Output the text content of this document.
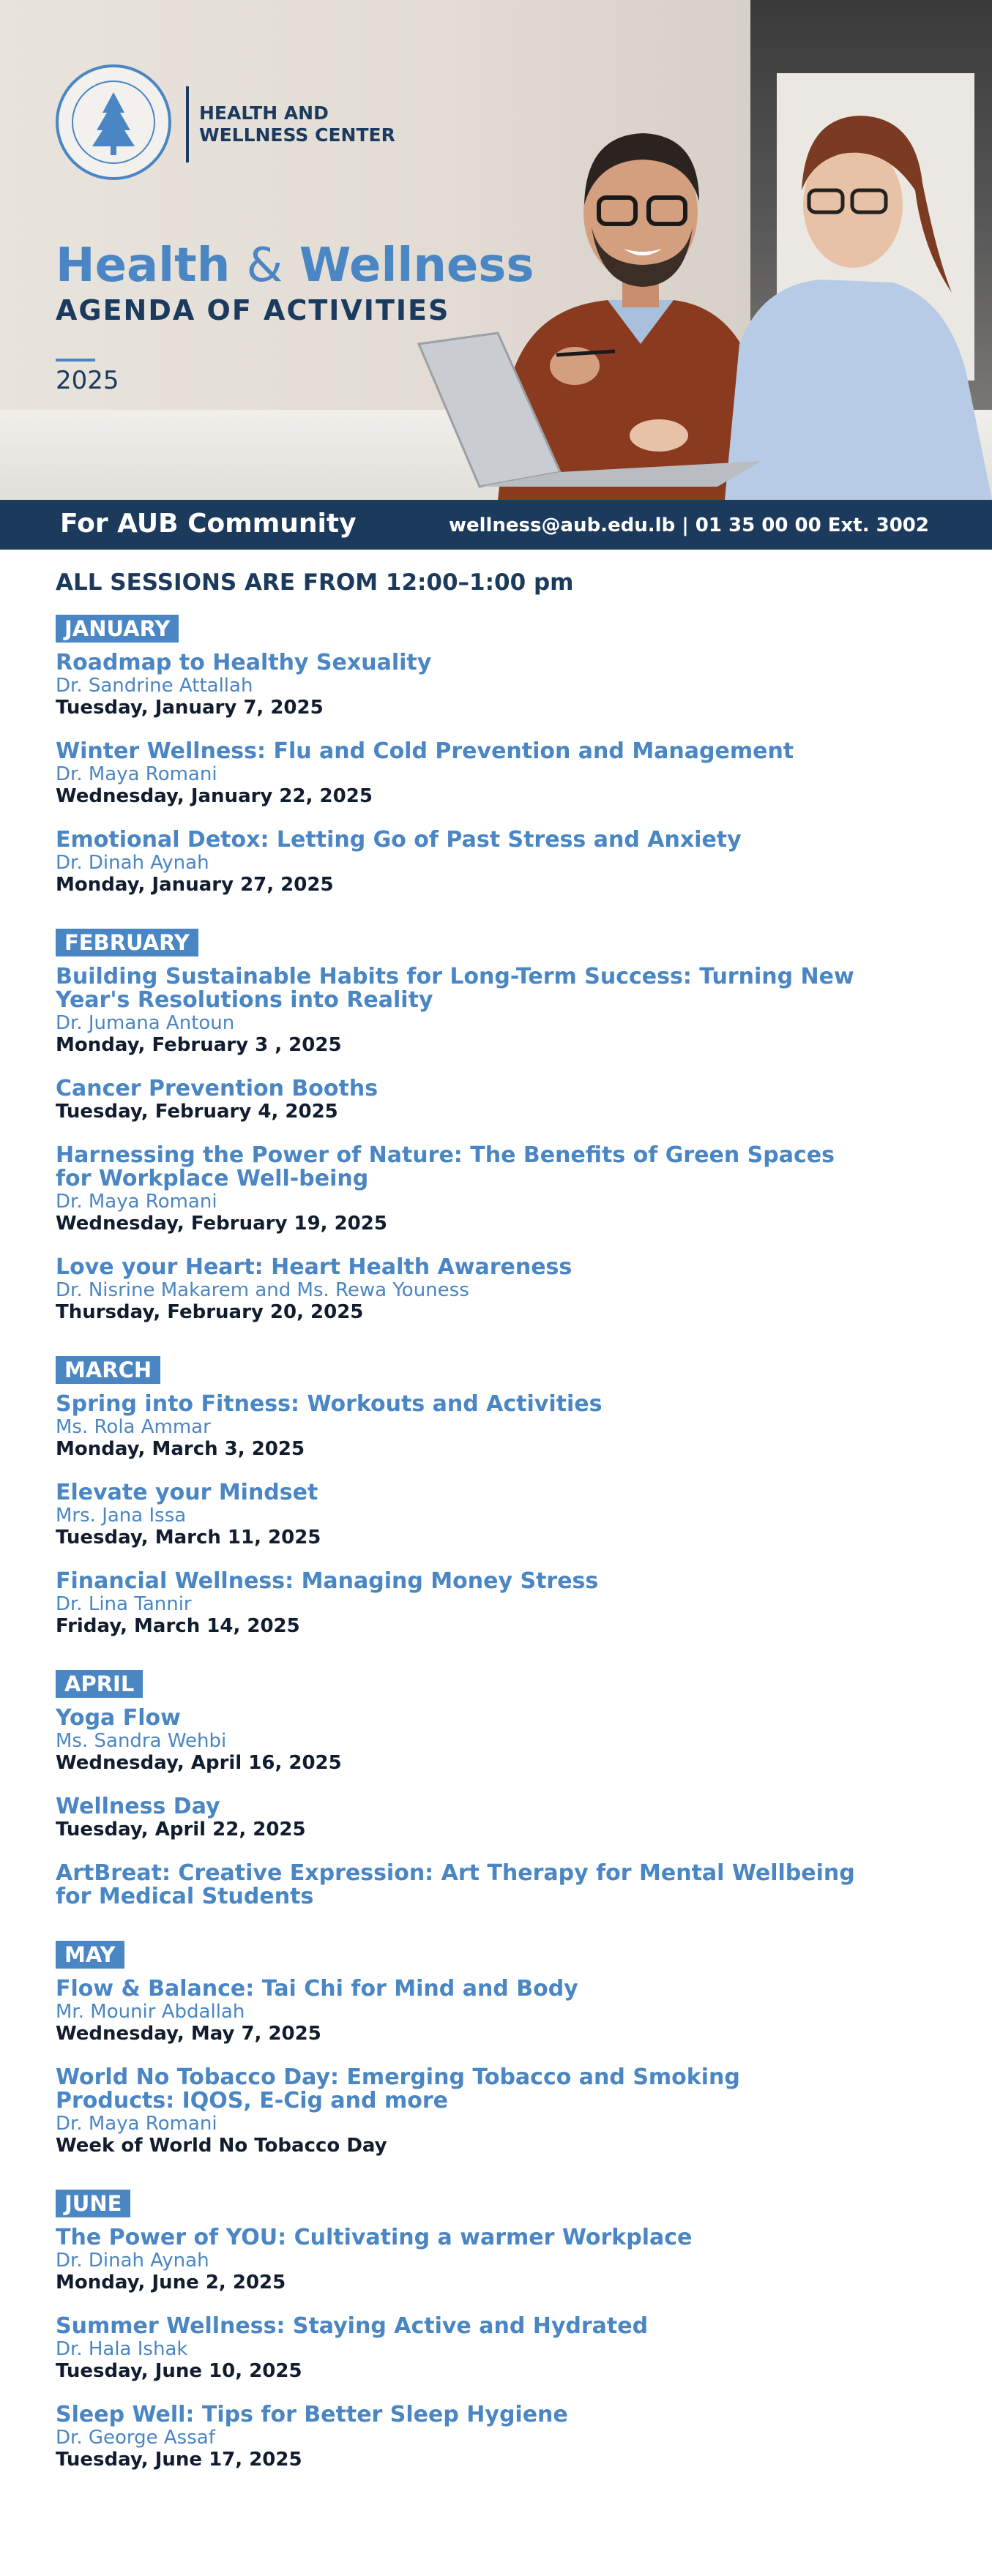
HEALTH AND
WELLNESS CENTER
Health & Wellness
AGENDA OF ACTIVITIES
2025
For AUB Community	wellness@aub.edu.lb | 01 35 00 00 Ext. 3002
ALL SESSIONS ARE FROM 12:00–1:00 pm
JANUARY
Roadmap to Healthy Sexuality
Dr. Sandrine Attallah
Tuesday, January 7, 2025
Winter Wellness: Flu and Cold Prevention and Management
Dr. Maya Romani
Wednesday, January 22, 2025
Emotional Detox: Letting Go of Past Stress and Anxiety
Dr. Dinah Aynah
Monday, January 27, 2025
FEBRUARY
Building Sustainable Habits for Long-Term Success: Turning New Year's Resolutions into Reality
Dr. Jumana Antoun
Monday, February 3 , 2025
Cancer Prevention Booths
Tuesday, February 4, 2025
Harnessing the Power of Nature: The Benefits of Green Spaces for Workplace Well-being
Dr. Maya Romani
Wednesday, February 19, 2025
Love your Heart: Heart Health Awareness
Dr. Nisrine Makarem and Ms. Rewa Youness
Thursday, February 20, 2025
MARCH
Spring into Fitness: Workouts and Activities
Ms. Rola Ammar
Monday, March 3, 2025
Elevate your Mindset
Mrs. Jana Issa
Tuesday, March 11, 2025
Financial Wellness: Managing Money Stress
Dr. Lina Tannir
Friday, March 14, 2025
APRIL
Yoga Flow
Ms. Sandra Wehbi
Wednesday, April 16, 2025
Wellness Day
Tuesday, April 22, 2025
ArtBreat: Creative Expression: Art Therapy for Mental Wellbeing for Medical Students
MAY
Flow & Balance: Tai Chi for Mind and Body
Mr. Mounir Abdallah
Wednesday, May 7, 2025
World No Tobacco Day: Emerging Tobacco and Smoking Products: IQOS, E-Cig and more
Dr. Maya Romani
Week of World No Tobacco Day
JUNE
The Power of YOU: Cultivating a warmer Workplace
Dr. Dinah Aynah
Monday, June 2, 2025
Summer Wellness: Staying Active and Hydrated
Dr. Hala Ishak
Tuesday, June 10, 2025
Sleep Well: Tips for Better Sleep Hygiene
Dr. George Assaf
Tuesday, June 17, 2025
